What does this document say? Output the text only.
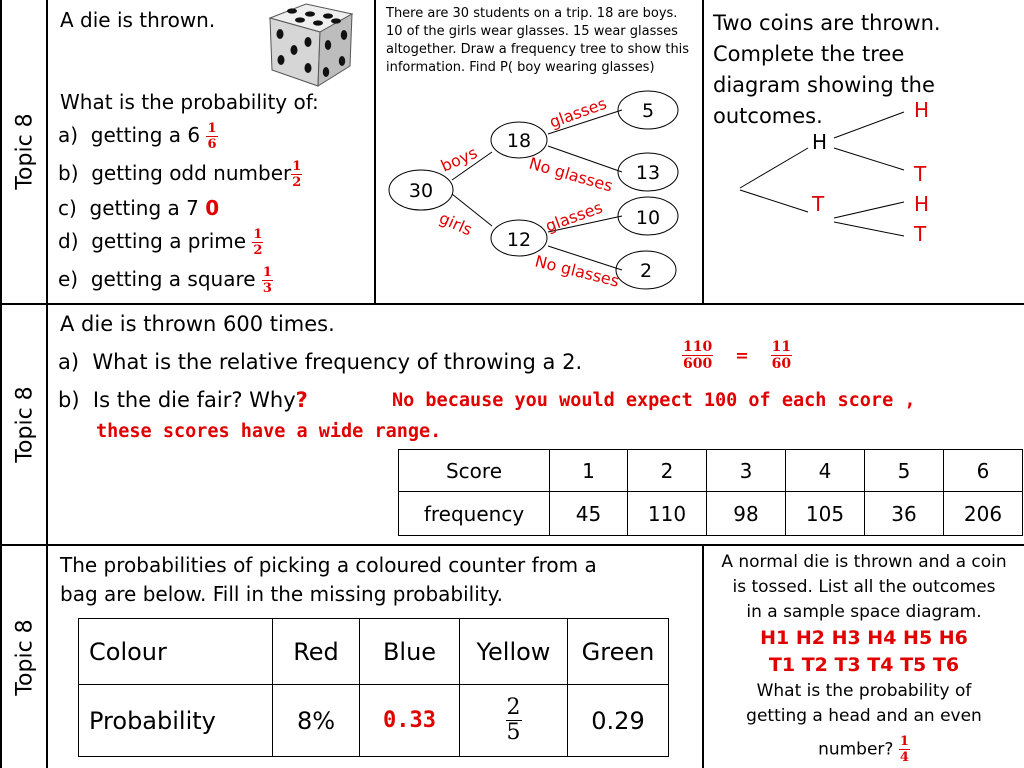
Topic 8
Topic 8
Topic 8
A die is thrown.
What is the probability of:
a) getting a $6 \frac{1}{6}$
b) getting odd number $\frac{1}{2}$
c) getting a 7 0
d) getting a prime $\frac{1}{2}$
e) getting a square $\frac{1}{3}$
There are 30 students on a trip. 18 are boys. 10 of the girls wear glasses. 15 wear glasses altogether. Draw a frequency tree to show this information. Find P( boy wearing glasses)
30
18
12
5
13
10
2
boys
girls
glasses
No glasses
glasses
No glasses
Two coins are thrown.
Complete the tree
diagram showing the
outcomes.
H
T
H
T
H
T
A die is thrown 600 times.
a) What is the relative frequency of throwing a 2.	$\frac{110}{600} = \frac{11}{60}$
b) Is the die fair? Why?	No because you would expect 100 of each score ,
these scores have a wide range.
Score	1	2	3	4	5	6
frequency	45	110	98	105	36	206
The probabilities of picking a coloured counter from a
bag are below. Fill in the missing probability.
Colour	Red	Blue	Yellow	Green
Probability	8%	0.33	$\frac{2}{5}$	0.29
A normal die is thrown and a coin
is tossed. List all the outcomes
in a sample space diagram.
H1 H2 H3 H4 H5 H6
T1 T2 T3 T4 T5 T6
What is the probability of
getting a head and an even
number? $\frac{1}{4}$
